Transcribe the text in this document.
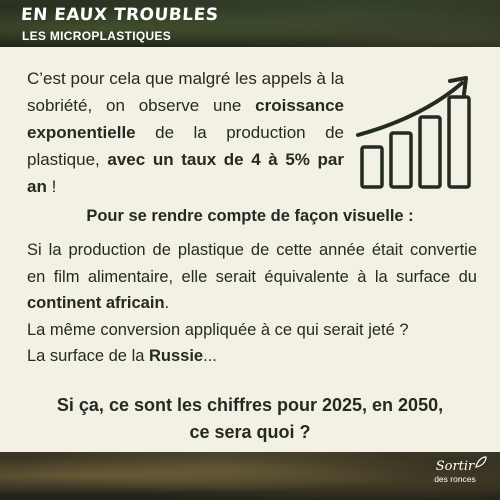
EN EAUX TROUBLES
LES MICROPLASTIQUES
C’est pour cela que malgré les appels à la sobriété, on observe une croissance exponentielle de la production de plastique, avec un taux de 4 à 5% par an !
Pour se rendre compte de façon visuelle :

Si la production de plastique de cette année était convertie en film alimentaire, elle serait équivalente à la surface du continent africain.

La même conversion appliquée à ce qui serait jeté ?

La surface de la Russie...

Si ça, ce sont les chiffres pour 2025, en 2050,
ce sera quoi ?
Sortir
des ronces
